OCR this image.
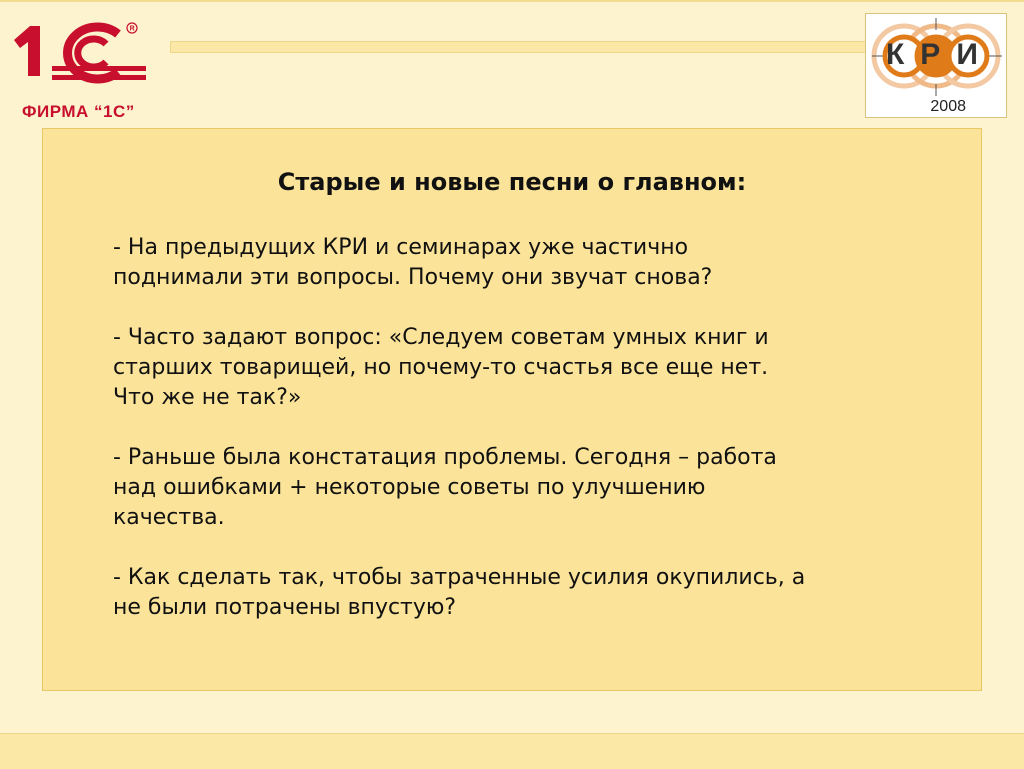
R
ФИРМА “1С”
КРИ
2008
Старые и новые песни о главном:

- На предыдущих КРИ и семинарах уже частично
поднимали эти вопросы. Почему они звучат снова?

- Часто задают вопрос: «Следуем советам умных книг и
старших товарищей, но почему-то счастья все еще нет.
Что же не так?»

- Раньше была констатация проблемы. Сегодня – работа
над ошибками + некоторые советы по улучшению
качества.

- Как сделать так, чтобы затраченные усилия окупились, а
не были потрачены впустую?
